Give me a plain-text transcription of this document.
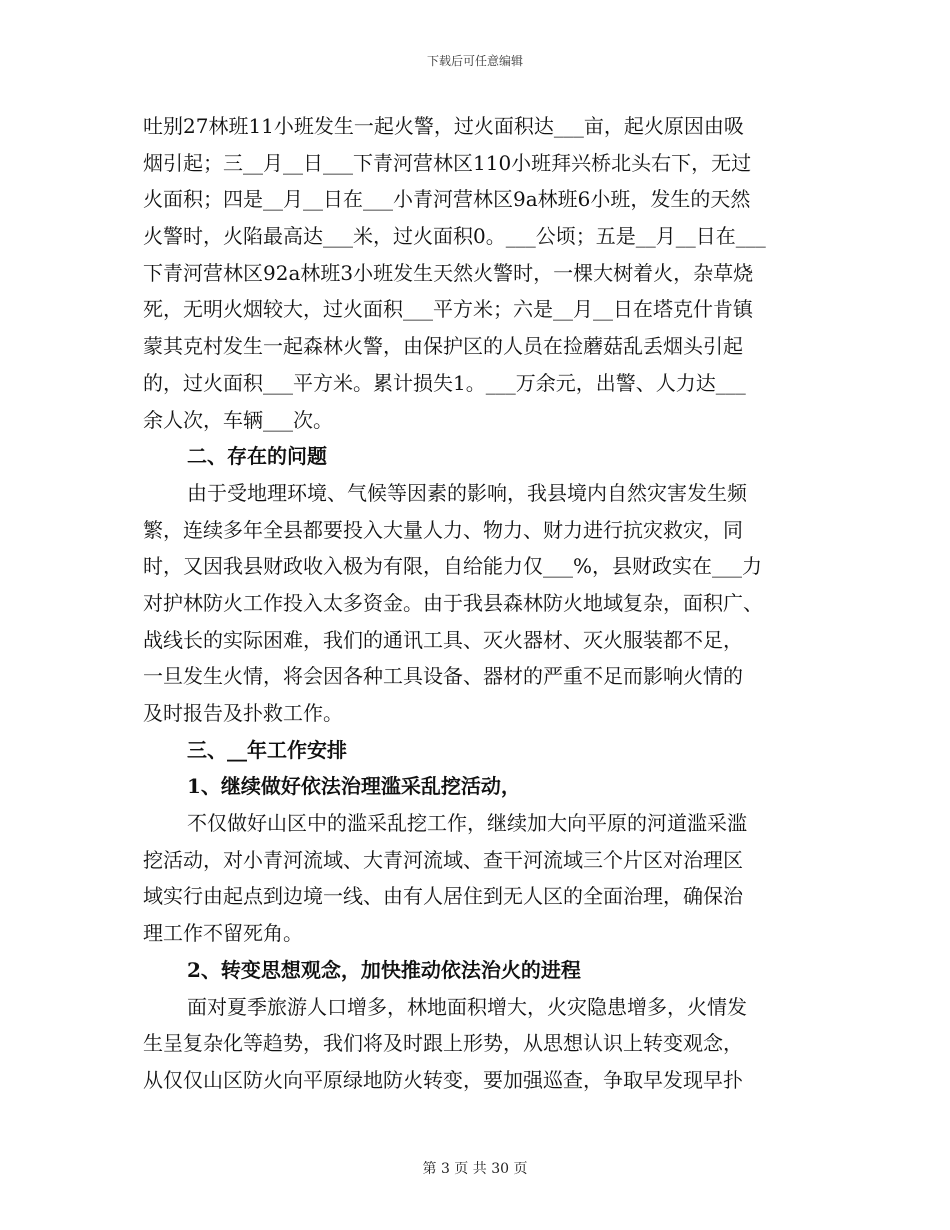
下载后可任意编辑
吐别27林班11小班发生一起火警，过火面积达___亩，起火原因由吸
烟引起；三__月__日___下青河营林区110小班拜兴桥北头右下，无过
火面积；四是__月__日在___小青河营林区9a林班6小班，发生的天然
火警时，火陷最高达___米，过火面积0。___公顷；五是__月__日在___
下青河营林区92a林班3小班发生天然火警时，一棵大树着火，杂草烧
死，无明火烟较大，过火面积___平方米；六是__月__日在塔克什肯镇
蒙其克村发生一起森林火警，由保护区的人员在捡蘑菇乱丢烟头引起
的，过火面积___平方米。累计损失1。___万余元，出警、人力达___
余人次，车辆___次。
二、存在的问题
由于受地理环境、气候等因素的影响，我县境内自然灾害发生频
繁，连续多年全县都要投入大量人力、物力、财力进行抗灾救灾，同
时，又因我县财政收入极为有限，自给能力仅___%，县财政实在___力
对护林防火工作投入太多资金。由于我县森林防火地域复杂，面积广、
战线长的实际困难，我们的通讯工具、灭火器材、灭火服装都不足，
一旦发生火情，将会因各种工具设备、器材的严重不足而影响火情的
及时报告及扑救工作。
三、__年工作安排
1、继续做好依法治理滥采乱挖活动，
不仅做好山区中的滥采乱挖工作，继续加大向平原的河道滥采滥
挖活动，对小青河流域、大青河流域、查干河流域三个片区对治理区
域实行由起点到边境一线、由有人居住到无人区的全面治理，确保治
理工作不留死角。
2、转变思想观念，加快推动依法治火的进程
面对夏季旅游人口增多，林地面积增大，火灾隐患增多，火情发
生呈复杂化等趋势，我们将及时跟上形势，从思想认识上转变观念，
从仅仅山区防火向平原绿地防火转变，要加强巡查，争取早发现早扑
第 3 页 共 30 页
